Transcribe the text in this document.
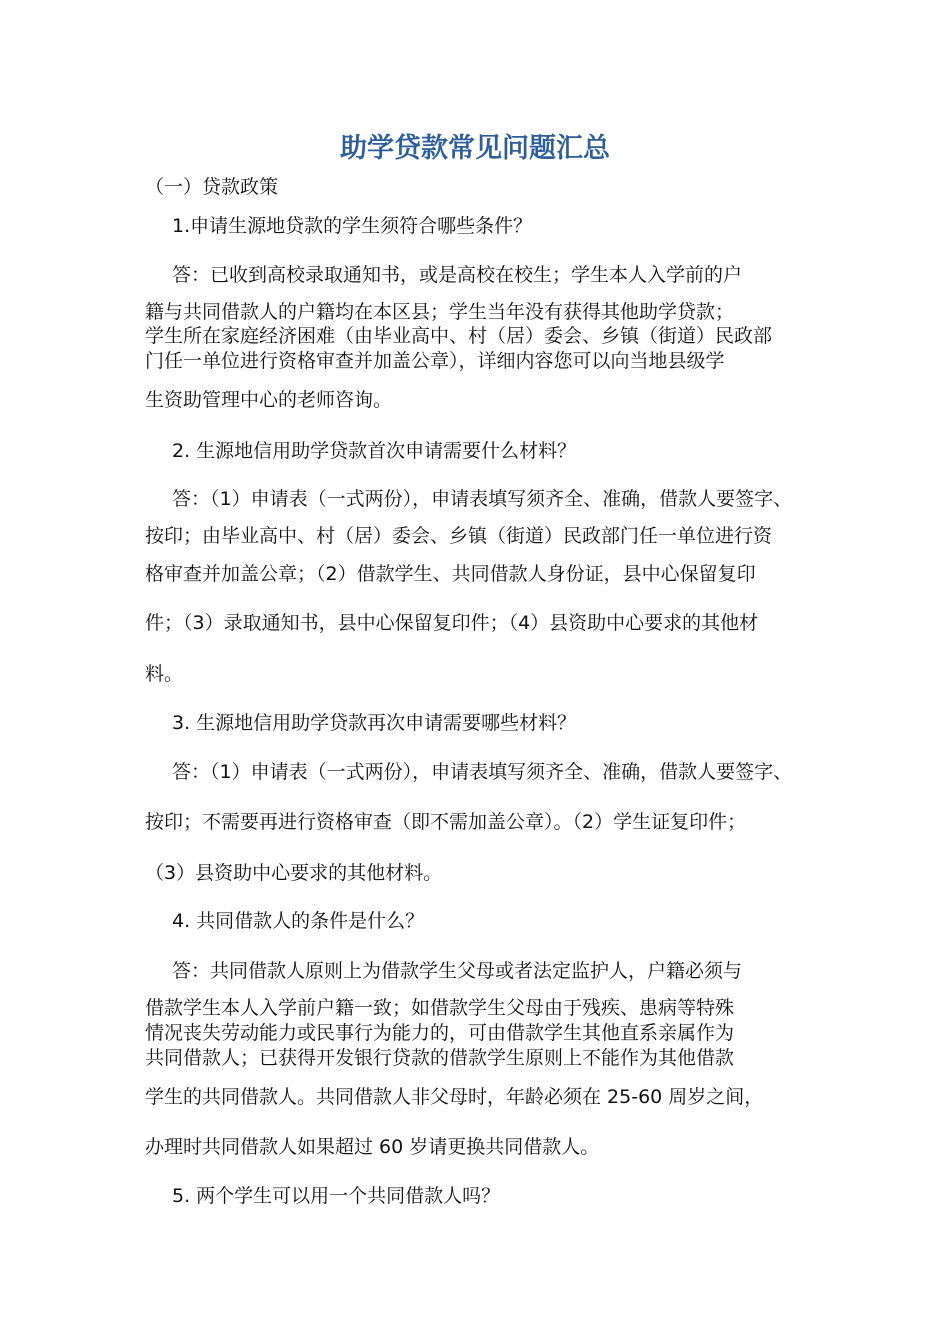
助学贷款常见问题汇总
（一）贷款政策
1.申请生源地贷款的学生须符合哪些条件？
答：已收到高校录取通知书，或是高校在校生；学生本人入学前的户
籍与共同借款人的户籍均在本区县；学生当年没有获得其他助学贷款；
学生所在家庭经济困难（由毕业高中、村（居）委会、乡镇（街道）民政部
门任一单位进行资格审查并加盖公章），详细内容您可以向当地县级学
生资助管理中心的老师咨询。
2. 生源地信用助学贷款首次申请需要什么材料？
答：（1）申请表（一式两份），申请表填写须齐全、准确，借款人要签字、
按印；由毕业高中、村（居）委会、乡镇（街道）民政部门任一单位进行资
格审查并加盖公章；（2）借款学生、共同借款人身份证，县中心保留复印
件；（3）录取通知书，县中心保留复印件；（4）县资助中心要求的其他材
料。
3. 生源地信用助学贷款再次申请需要哪些材料？
答：（1）申请表（一式两份），申请表填写须齐全、准确，借款人要签字、
按印；不需要再进行资格审查（即不需加盖公章）。（2）学生证复印件；
（3）县资助中心要求的其他材料。
4. 共同借款人的条件是什么？
答：共同借款人原则上为借款学生父母或者法定监护人，户籍必须与
借款学生本人入学前户籍一致；如借款学生父母由于残疾、患病等特殊
情况丧失劳动能力或民事行为能力的，可由借款学生其他直系亲属作为
共同借款人；已获得开发银行贷款的借款学生原则上不能作为其他借款
学生的共同借款人。共同借款人非父母时，年龄必须在 25-60 周岁之间，
办理时共同借款人如果超过 60 岁请更换共同借款人。
5. 两个学生可以用一个共同借款人吗？
